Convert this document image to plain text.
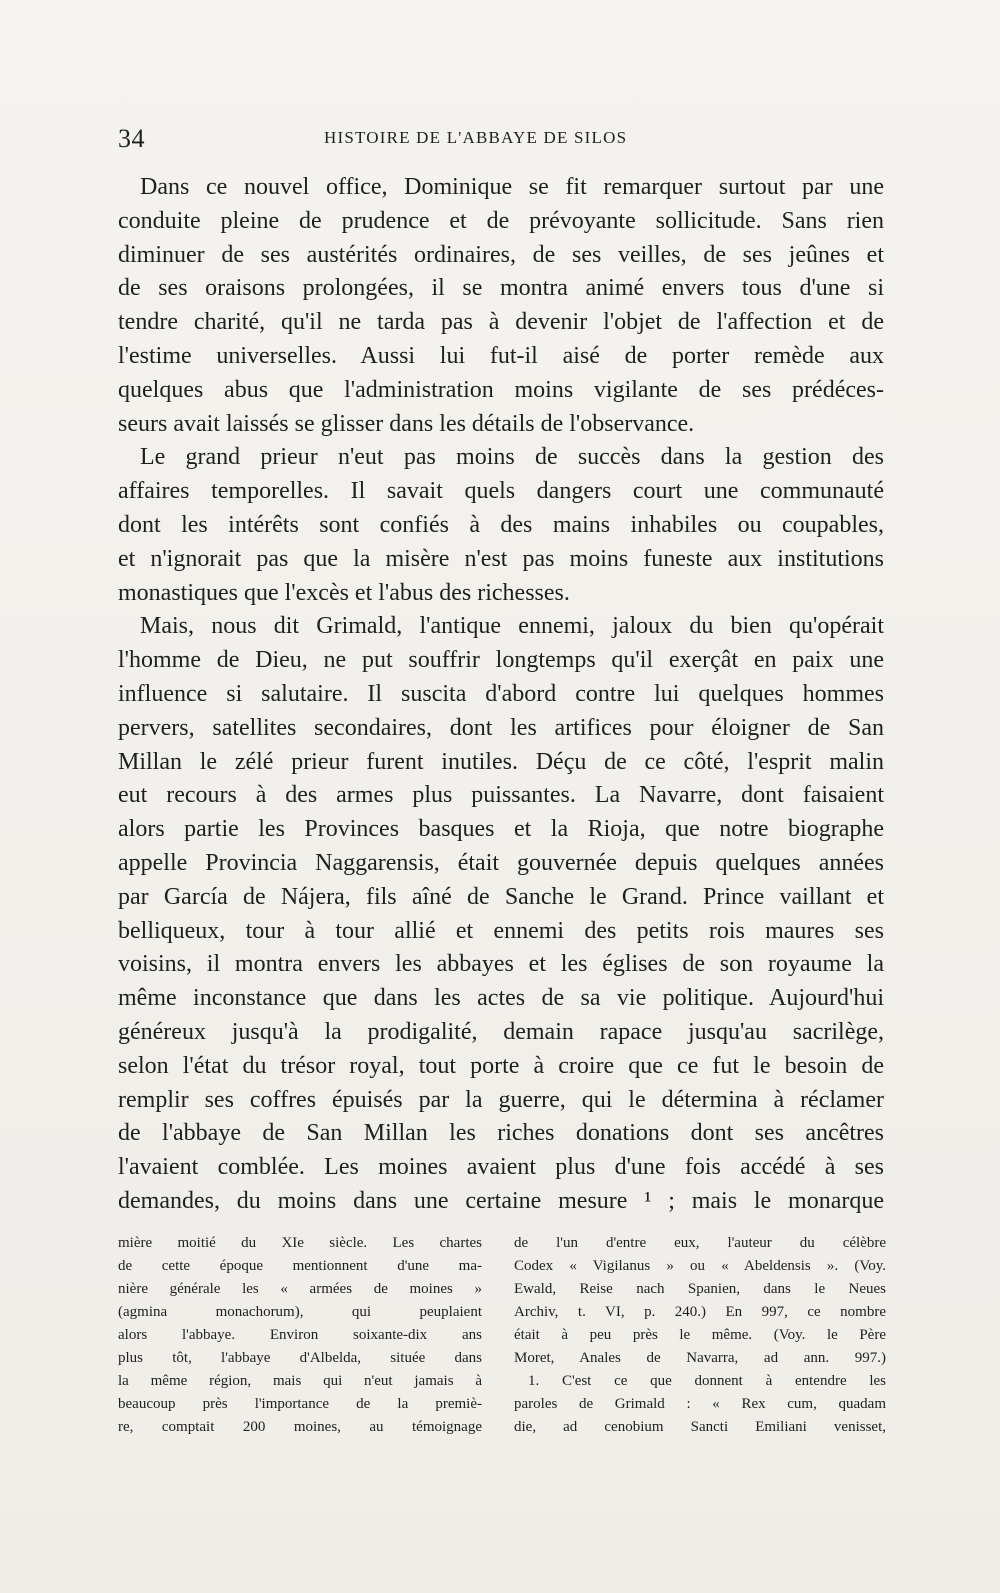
34	HISTOIRE DE L'ABBAYE DE SILOS
Dans ce nouvel office, Dominique se fit remarquer surtout par une
conduite pleine de prudence et de prévoyante sollicitude. Sans rien
diminuer de ses austérités ordinaires, de ses veilles, de ses jeûnes et
de ses oraisons prolongées, il se montra animé envers tous d'une si
tendre charité, qu'il ne tarda pas à devenir l'objet de l'affection et de
l'estime universelles. Aussi lui fut-il aisé de porter remède aux
quelques abus que l'administration moins vigilante de ses prédéces-
seurs avait laissés se glisser dans les détails de l'observance.
Le grand prieur n'eut pas moins de succès dans la gestion des
affaires temporelles. Il savait quels dangers court une communauté
dont les intérêts sont confiés à des mains inhabiles ou coupables,
et n'ignorait pas que la misère n'est pas moins funeste aux institutions
monastiques que l'excès et l'abus des richesses.
Mais, nous dit Grimald, l'antique ennemi, jaloux du bien qu'opérait
l'homme de Dieu, ne put souffrir longtemps qu'il exerçât en paix une
influence si salutaire. Il suscita d'abord contre lui quelques hommes
pervers, satellites secondaires, dont les artifices pour éloigner de San
Millan le zélé prieur furent inutiles. Déçu de ce côté, l'esprit malin
eut recours à des armes plus puissantes. La Navarre, dont faisaient
alors partie les Provinces basques et la Rioja, que notre biographe
appelle Provincia Naggarensis, était gouvernée depuis quelques années
par García de Nájera, fils aîné de Sanche le Grand. Prince vaillant et
belliqueux, tour à tour allié et ennemi des petits rois maures ses
voisins, il montra envers les abbayes et les églises de son royaume la
même inconstance que dans les actes de sa vie politique. Aujourd'hui
généreux jusqu'à la prodigalité, demain rapace jusqu'au sacrilège,
selon l'état du trésor royal, tout porte à croire que ce fut le besoin de
remplir ses coffres épuisés par la guerre, qui le détermina à réclamer
de l'abbaye de San Millan les riches donations dont ses ancêtres
l'avaient comblée. Les moines avaient plus d'une fois accédé à ses
demandes, du moins dans une certaine mesure ¹ ; mais le monarque
mière moitié du XIe siècle. Les chartes
de cette époque mentionnent d'une ma-
nière générale les « armées de moines »
(agmina monachorum), qui peuplaient
alors l'abbaye. Environ soixante-dix ans
plus tôt, l'abbaye d'Albelda, située dans
la même région, mais qui n'eut jamais à
beaucoup près l'importance de la premiè-
re, comptait 200 moines, au témoignage
de l'un d'entre eux, l'auteur du célèbre
Codex « Vigilanus » ou « Abeldensis ». (Voy.
Ewald, Reise nach Spanien, dans le Neues
Archiv, t. VI, p. 240.) En 997, ce nombre
était à peu près le même. (Voy. le Père
Moret, Anales de Navarra, ad ann. 997.)
1. C'est ce que donnent à entendre les
paroles de Grimald : « Rex cum, quadam
die, ad cenobium Sancti Emiliani venisset,
